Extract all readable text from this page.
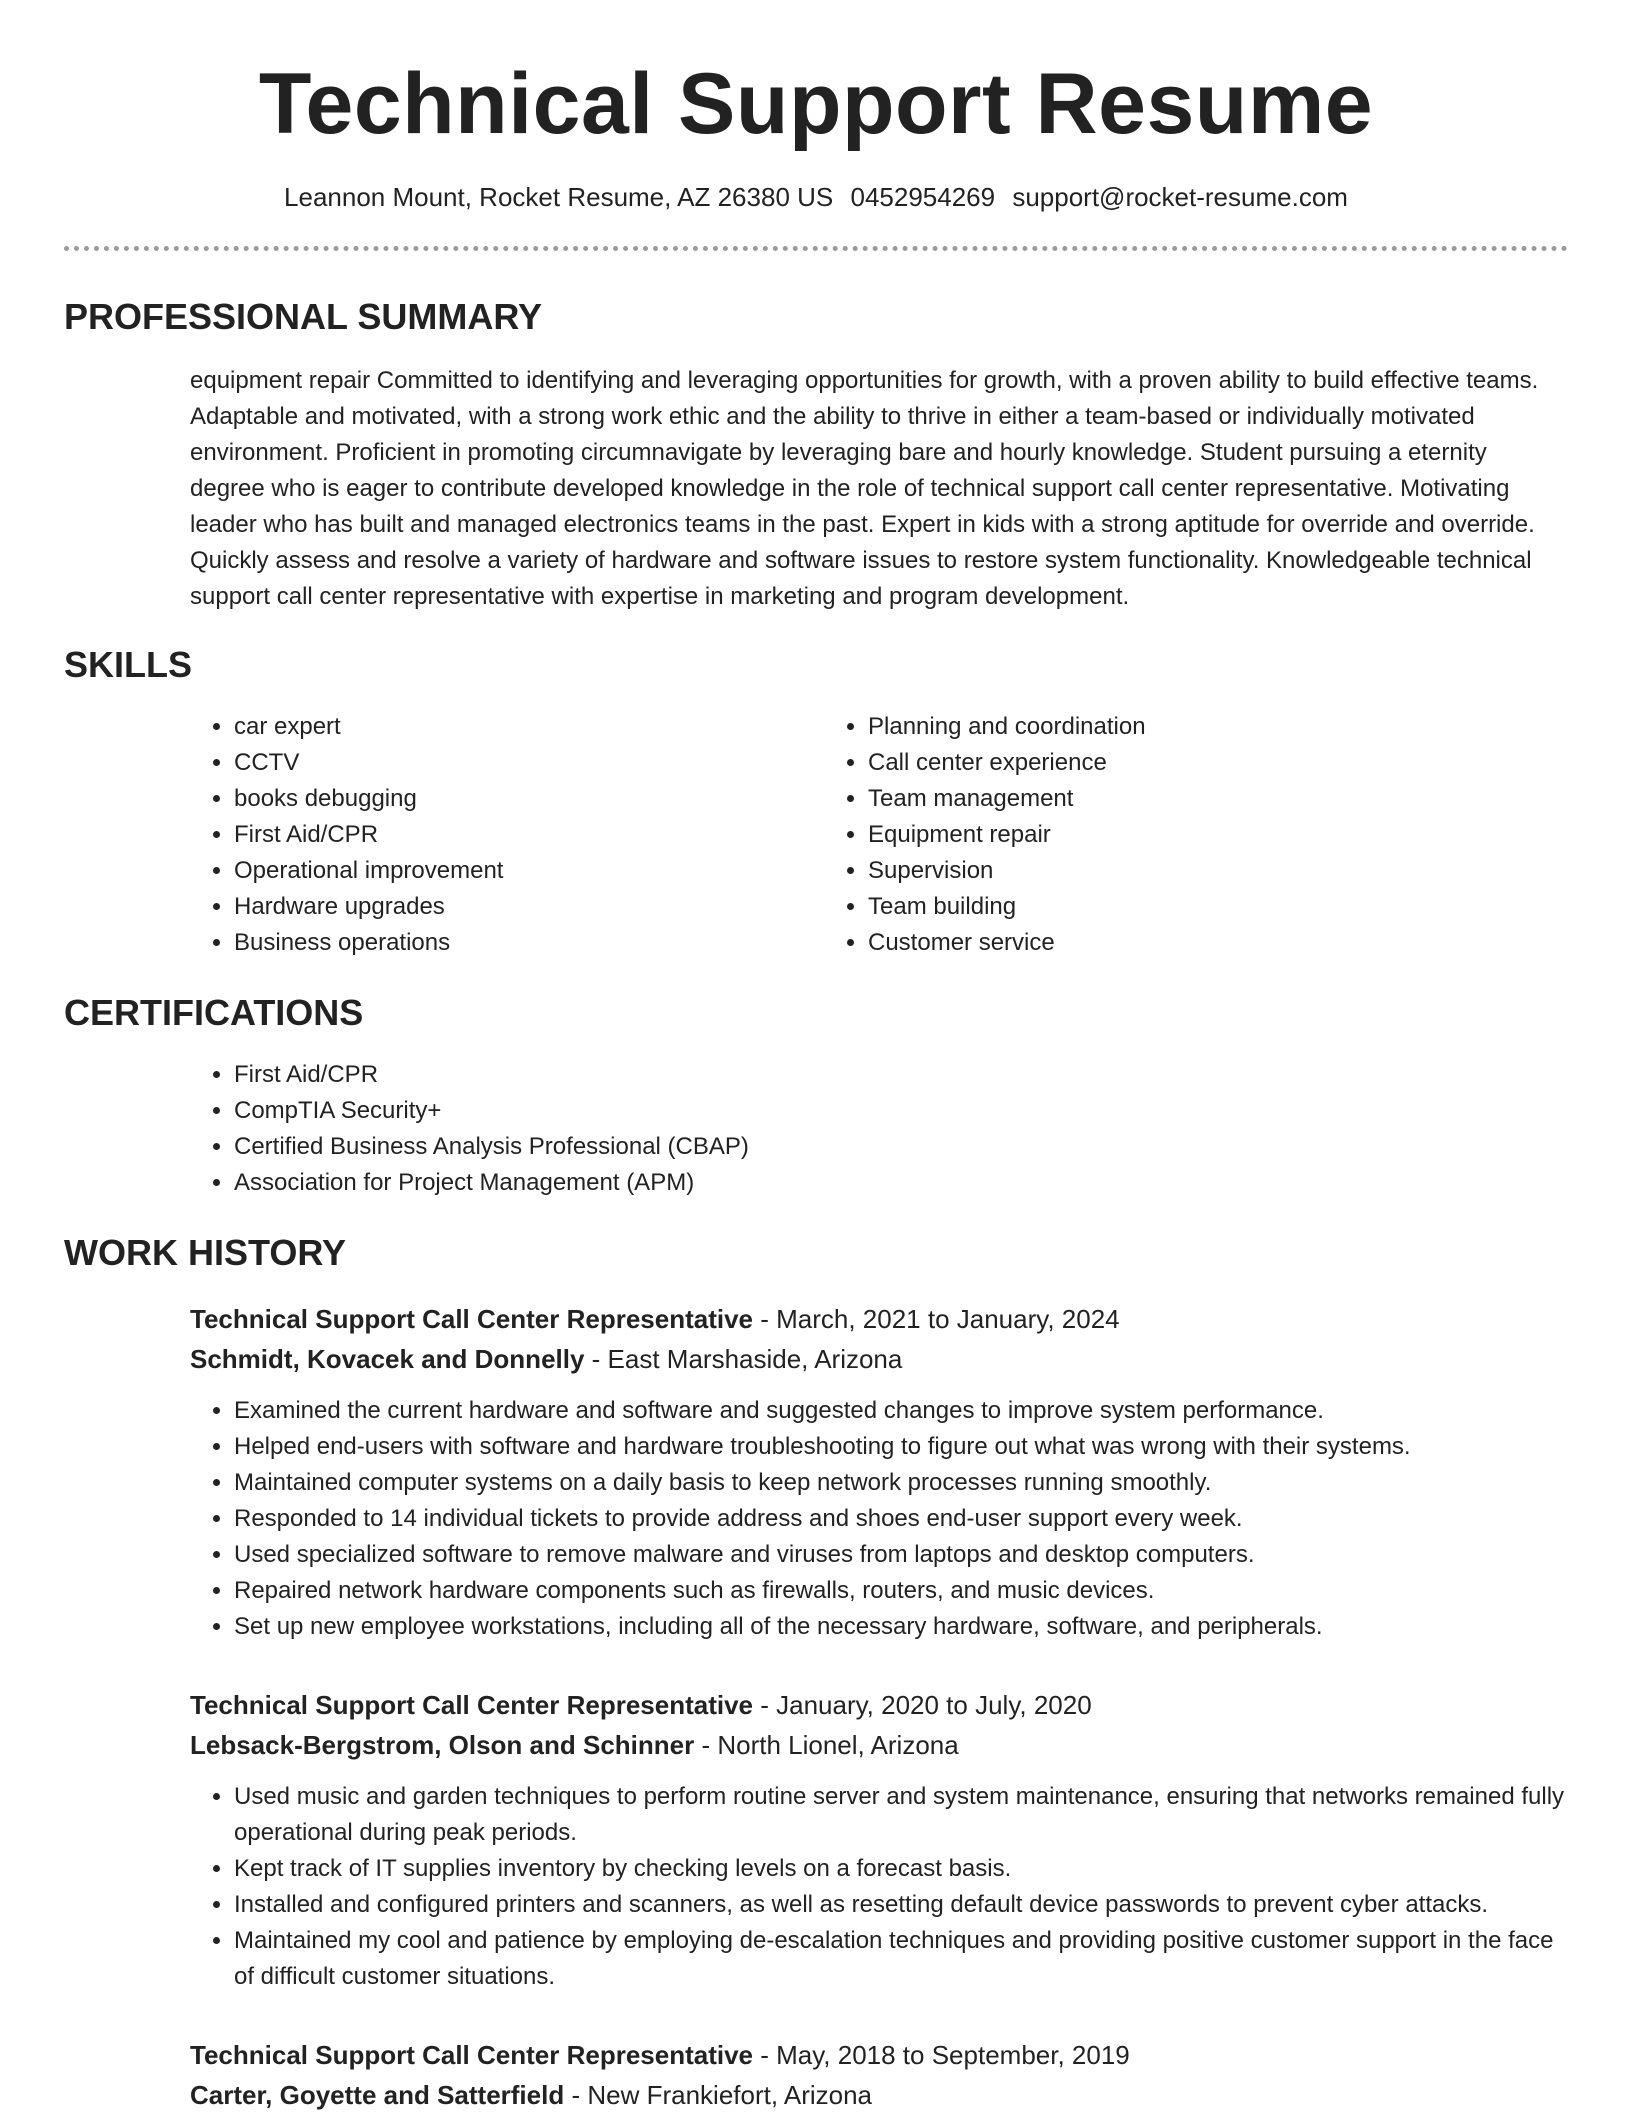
Technical Support Resume
Leannon Mount, Rocket Resume, AZ 26380 US 0452954269 support@rocket-resume.com
PROFESSIONAL SUMMARY
equipment repair Committed to identifying and leveraging opportunities for growth, with a proven ability to build effective teams. Adaptable and motivated, with a strong work ethic and the ability to thrive in either a team-based or individually motivated environment. Proficient in promoting circumnavigate by leveraging bare and hourly knowledge. Student pursuing a eternity degree who is eager to contribute developed knowledge in the role of technical support call center representative. Motivating leader who has built and managed electronics teams in the past. Expert in kids with a strong aptitude for override and override. Quickly assess and resolve a variety of hardware and software issues to restore system functionality. Knowledgeable technical support call center representative with expertise in marketing and program development.
SKILLS
• car expert
• CCTV
• books debugging
• First Aid/CPR
• Operational improvement
• Hardware upgrades
• Business operations
• Planning and coordination
• Call center experience
• Team management
• Equipment repair
• Supervision
• Team building
• Customer service
CERTIFICATIONS
• First Aid/CPR
• CompTIA Security+
• Certified Business Analysis Professional (CBAP)
• Association for Project Management (APM)
WORK HISTORY
Technical Support Call Center Representative - March, 2021 to January, 2024
Schmidt, Kovacek and Donnelly - East Marshaside, Arizona
• Examined the current hardware and software and suggested changes to improve system performance.
• Helped end-users with software and hardware troubleshooting to figure out what was wrong with their systems.
• Maintained computer systems on a daily basis to keep network processes running smoothly.
• Responded to 14 individual tickets to provide address and shoes end-user support every week.
• Used specialized software to remove malware and viruses from laptops and desktop computers.
• Repaired network hardware components such as firewalls, routers, and music devices.
• Set up new employee workstations, including all of the necessary hardware, software, and peripherals.
Technical Support Call Center Representative - January, 2020 to July, 2020
Lebsack-Bergstrom, Olson and Schinner - North Lionel, Arizona
• Used music and garden techniques to perform routine server and system maintenance, ensuring that networks remained fully operational during peak periods.
• Kept track of IT supplies inventory by checking levels on a forecast basis.
• Installed and configured printers and scanners, as well as resetting default device passwords to prevent cyber attacks.
• Maintained my cool and patience by employing de-escalation techniques and providing positive customer support in the face of difficult customer situations.
Technical Support Call Center Representative - May, 2018 to September, 2019
Carter, Goyette and Satterfield - New Frankiefort, Arizona
